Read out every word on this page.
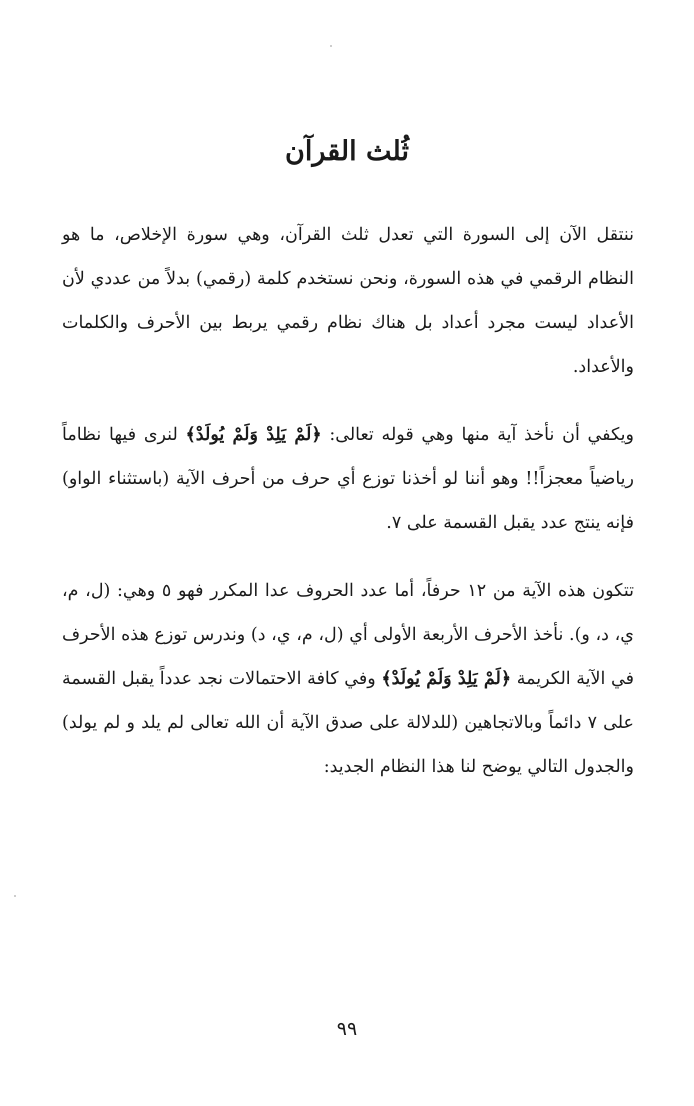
ثُلث القرآن

ننتقل الآن إلى السورة التي تعدل ثلث القرآن، وهي سورة الإخلاص، ما هو النظام الرقمي في هذه السورة، ونحن نستخدم كلمة (رقمي) بدلاً من عددي لأن الأعداد ليست مجرد أعداد بل هناك نظام رقمي يربط بين الأحرف والكلمات والأعداد.

ويكفي أن نأخذ آية منها وهي قوله تعالى: ﴿لَمْ يَلِدْ وَلَمْ يُولَدْ﴾ لنرى فيها نظاماً رياضياً معجزاً!! وهو أننا لو أخذنا توزع أي حرف من أحرف الآية (باستثناء الواو) فإنه ينتج عدد يقبل القسمة على ٧.

تتكون هذه الآية من ١٢ حرفاً، أما عدد الحروف عدا المكرر فهو ٥ وهي: (ل، م، ي، د، و). نأخذ الأحرف الأربعة الأولى أي (ل، م، ي، د) وندرس توزع هذه الأحرف في الآية الكريمة ﴿لَمْ يَلِدْ وَلَمْ يُولَدْ﴾ وفي كافة الاحتمالات نجد عدداً يقبل القسمة على ٧ دائماً وبالاتجاهين (للدلالة على صدق الآية أن الله تعالى لم يلد و لم يولد) والجدول التالي يوضح لنا هذا النظام الجديد:

٩٩
